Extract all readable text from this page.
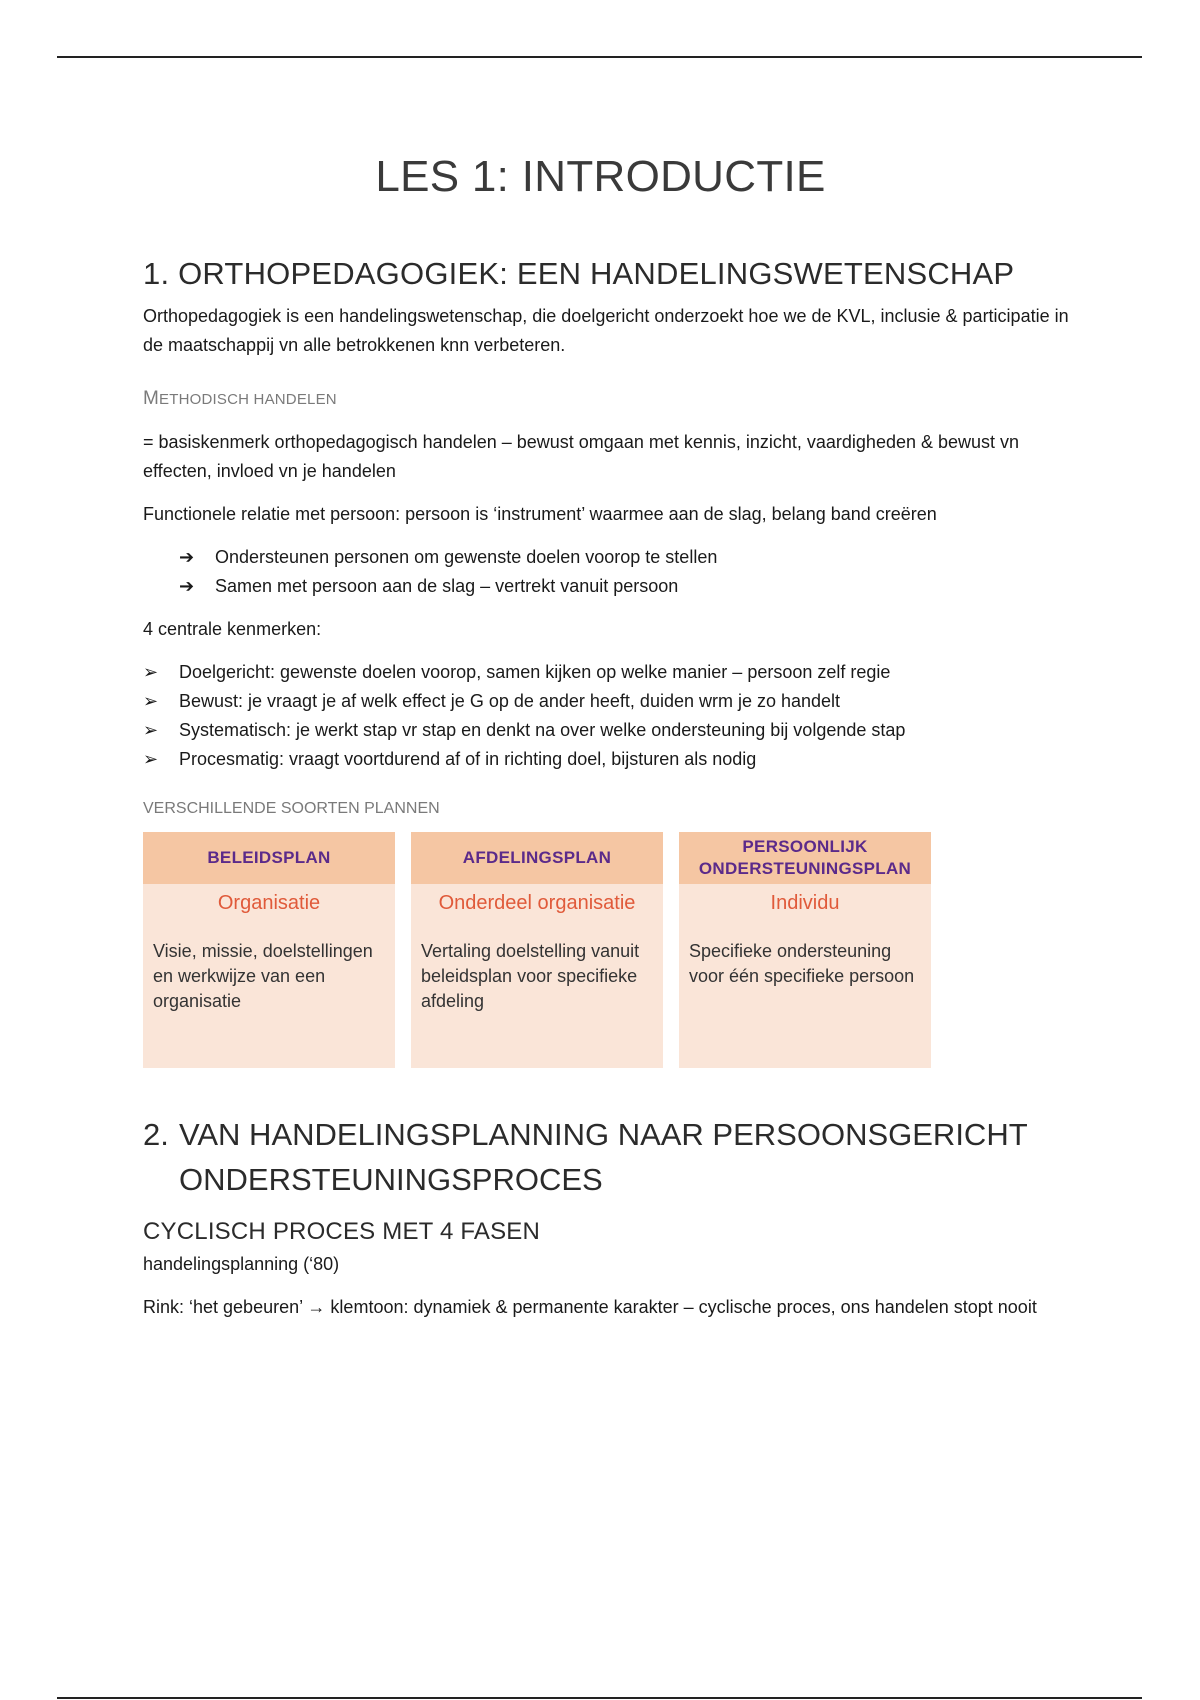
LES 1: INTRODUCTIE
1. ORTHOPEDAGOGIEK: EEN HANDELINGSWETENSCHAP

Orthopedagogiek is een handelingswetenschap, die doelgericht onderzoekt hoe we de KVL, inclusie & participatie in de maatschappij vn alle betrokkenen knn verbeteren.

METHODISCH HANDELEN

= basiskenmerk orthopedagogisch handelen – bewust omgaan met kennis, inzicht, vaardigheden & bewust vn effecten, invloed vn je handelen

Functionele relatie met persoon: persoon is ‘instrument’ waarmee aan de slag, belang band creëren

➔	Ondersteunen personen om gewenste doelen voorop te stellen
➔	Samen met persoon aan de slag – vertrekt vanuit persoon

4 centrale kenmerken:

➢	Doelgericht: gewenste doelen voorop, samen kijken op welke manier – persoon zelf regie
➢	Bewust: je vraagt je af welk effect je G op de ander heeft, duiden wrm je zo handelt
➢	Systematisch: je werkt stap vr stap en denkt na over welke ondersteuning bij volgende stap
➢	Procesmatig: vraagt voortdurend af of in richting doel, bijsturen als nodig
VERSCHILLENDE SOORTEN PLANNEN
BELEIDSPLAN
Organisatie
Visie, missie, doelstellingen en werkwijze van een organisatie
AFDELINGSPLAN
Onderdeel organisatie
Vertaling doelstelling vanuit beleidsplan voor specifieke afdeling
PERSOONLIJK ONDERSTEUNINGSPLAN
Individu
Specifieke ondersteuning voor één specifieke persoon
2. VAN HANDELINGSPLANNING NAAR PERSOONSGERICHT ONDERSTEUNINGSPROCES
CYCLISCH PROCES MET 4 FASEN

handelingsplanning (‘80)

Rink: ‘het gebeuren’ → klemtoon: dynamiek & permanente karakter – cyclische proces, ons handelen stopt nooit
